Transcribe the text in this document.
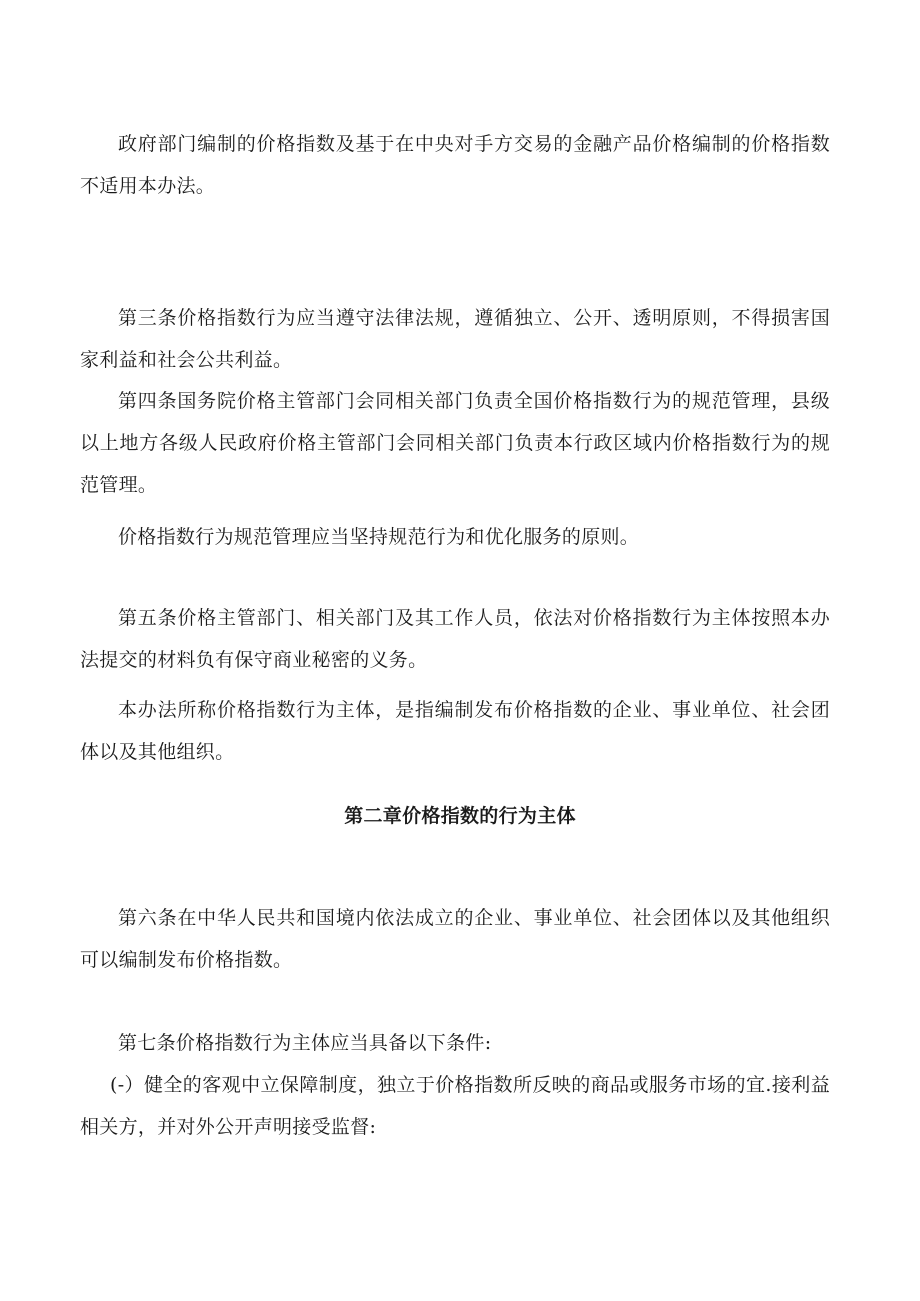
政府部门编制的价格指数及基于在中央对手方交易的金融产品价格编制的价格指数不适用本办法。

第三条价格指数行为应当遵守法律法规，遵循独立、公开、透明原则，不得损害国家利益和社会公共利益。

第四条国务院价格主管部门会同相关部门负责全国价格指数行为的规范管理，县级以上地方各级人民政府价格主管部门会同相关部门负责本行政区域内价格指数行为的规范管理。

价格指数行为规范管理应当坚持规范行为和优化服务的原则。

第五条价格主管部门、相关部门及其工作人员，依法对价格指数行为主体按照本办法提交的材料负有保守商业秘密的义务。

本办法所称价格指数行为主体，是指编制发布价格指数的企业、事业单位、社会团体以及其他组织。

第二章价格指数的行为主体

第六条在中华人民共和国境内依法成立的企业、事业单位、社会团体以及其他组织可以编制发布价格指数。

第七条价格指数行为主体应当具备以下条件:

(-）健全的客观中立保障制度，独立于价格指数所反映的商品或服务市场的宜.接利益相关方，并对外公开声明接受监督:
